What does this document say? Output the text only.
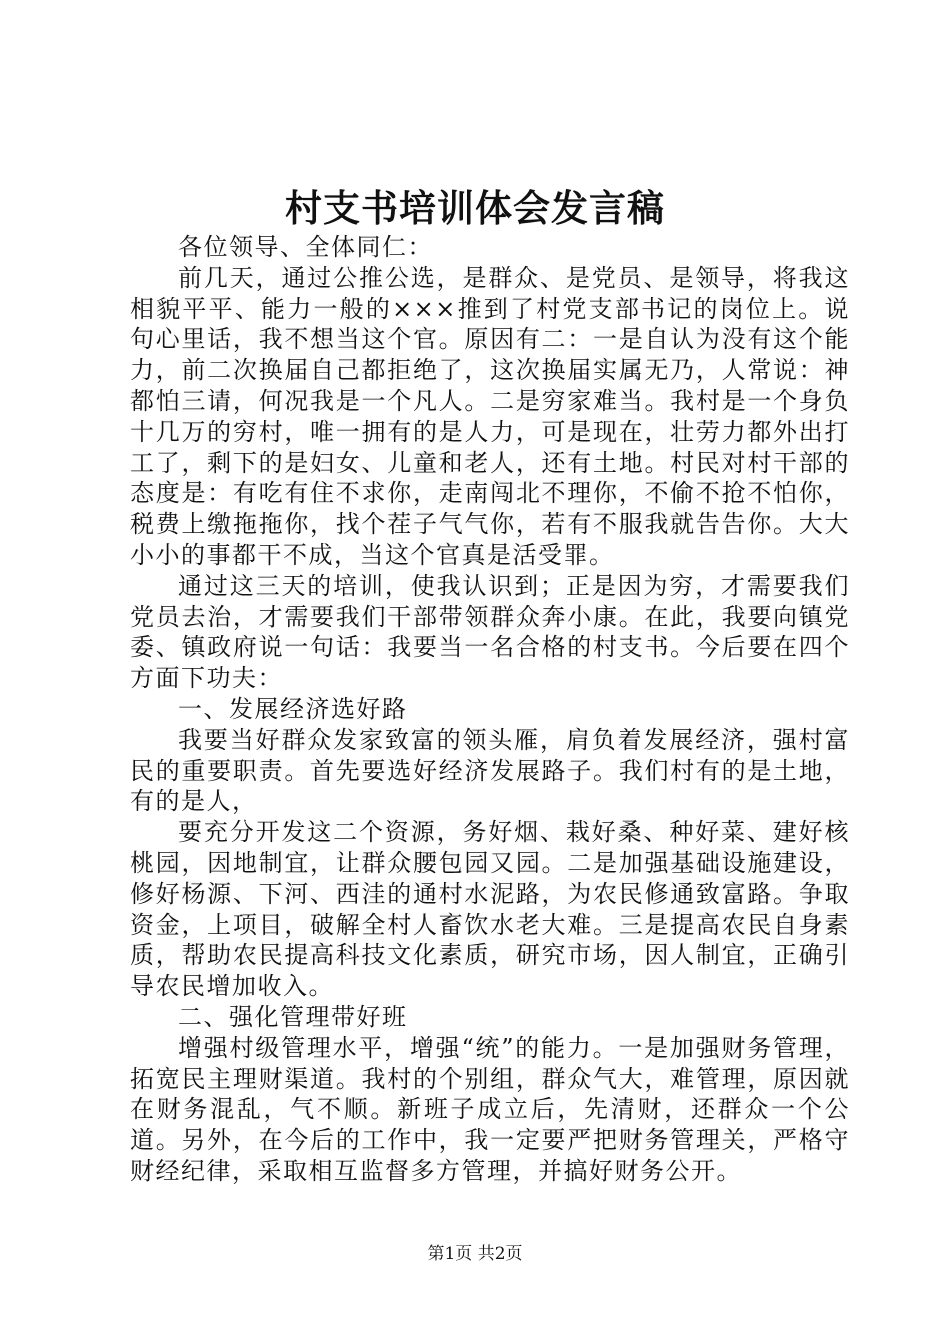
村支书培训体会发言稿

各位领导、全体同仁：

前几天，通过公推公选，是群众、是党员、是领导，将我这相貌平平、能力一般的×××推到了村党支部书记的岗位上。说句心里话，我不想当这个官。原因有二：一是自认为没有这个能力，前二次换届自己都拒绝了，这次换届实属无乃，人常说：神都怕三请，何况我是一个凡人。二是穷家难当。我村是一个身负十几万的穷村，唯一拥有的是人力，可是现在，壮劳力都外出打工了，剩下的是妇女、儿童和老人，还有土地。村民对村干部的态度是：有吃有住不求你，走南闯北不理你，不偷不抢不怕你，税费上缴拖拖你，找个茬子气气你，若有不服我就告告你。大大小小的事都干不成，当这个官真是活受罪。

通过这三天的培训，使我认识到；正是因为穷，才需要我们党员去治，才需要我们干部带领群众奔小康。在此，我要向镇党委、镇政府说一句话：我要当一名合格的村支书。今后要在四个方面下功夫：

一、发展经济选好路

我要当好群众发家致富的领头雁，肩负着发展经济，强村富民的重要职责。首先要选好经济发展路子。我们村有的是土地，有的是人，

要充分开发这二个资源，务好烟、栽好桑、种好菜、建好核桃园，因地制宜，让群众腰包园又园。二是加强基础设施建设，修好杨源、下河、西洼的通村水泥路，为农民修通致富路。争取资金，上项目，破解全村人畜饮水老大难。三是提高农民自身素质，帮助农民提高科技文化素质，研究市场，因人制宜，正确引导农民增加收入。

二、强化管理带好班

增强村级管理水平，增强“统”的能力。一是加强财务管理，拓宽民主理财渠道。我村的个别组，群众气大，难管理，原因就在财务混乱，气不顺。新班子成立后，先清财，还群众一个公道。另外，在今后的工作中，我一定要严把财务管理关，严格守财经纪律，采取相互监督多方管理，并搞好财务公开。

第1页 共2页
